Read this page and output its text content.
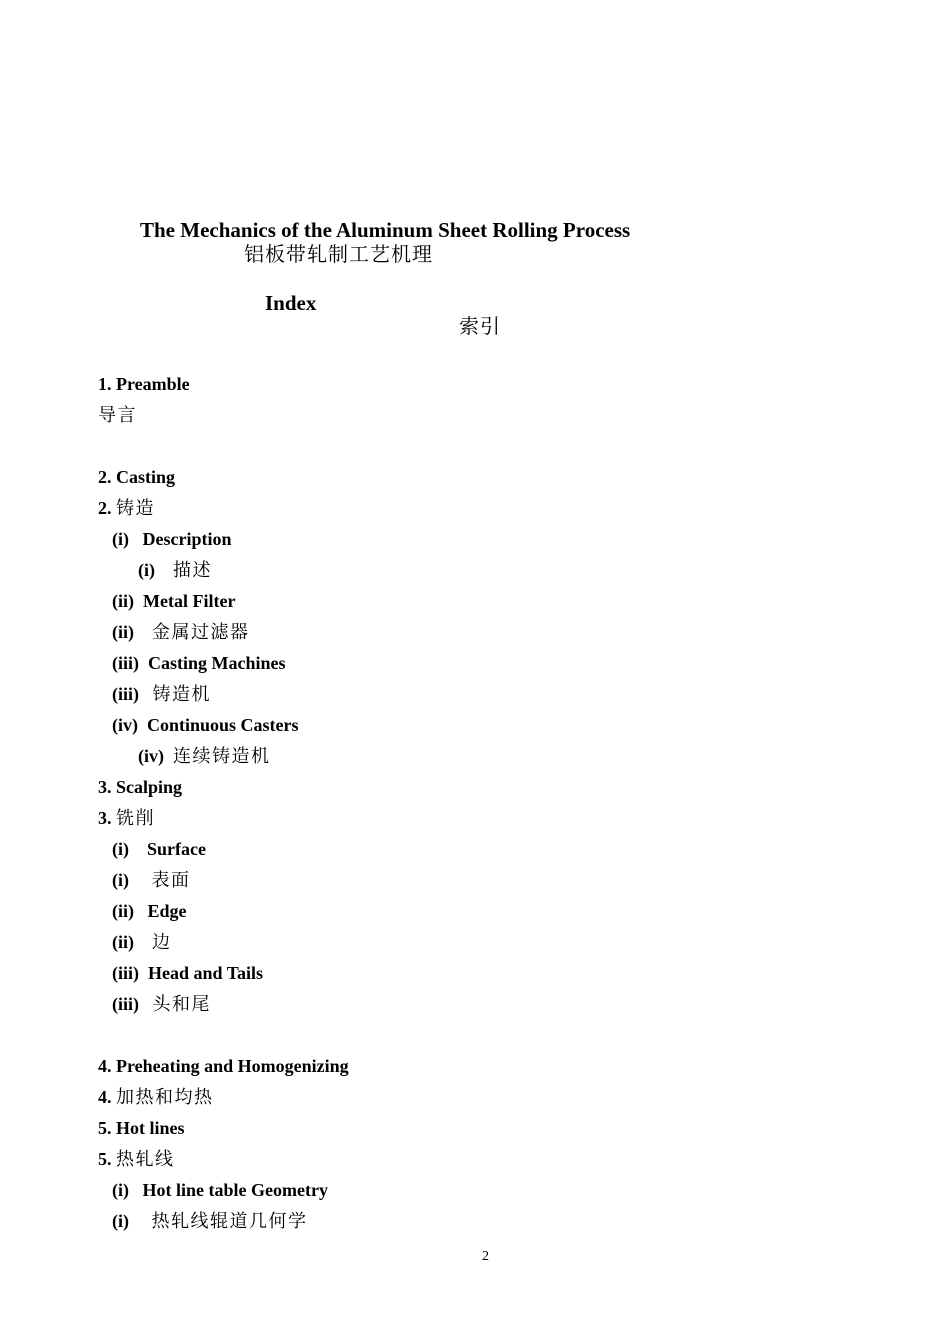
The Mechanics of the Aluminum Sheet Rolling Process
铝板带轧制工艺机理
Index
索引
1. Preamble
导言
2. Casting
2. 铸造
(i) Description
(i) 描述
(ii) Metal Filter
(ii) 金属过滤器
(iii) Casting Machines
(iii) 铸造机
(iv) Continuous Casters
(iv) 连续铸造机
3. Scalping
3. 铣削
(i) Surface
(i) 表面
(ii) Edge
(ii) 边
(iii) Head and Tails
(iii) 头和尾
4. Preheating and Homogenizing
4. 加热和均热
5. Hot lines
5. 热轧线
(i) Hot line table Geometry
(i) 热轧线辊道几何学
2
